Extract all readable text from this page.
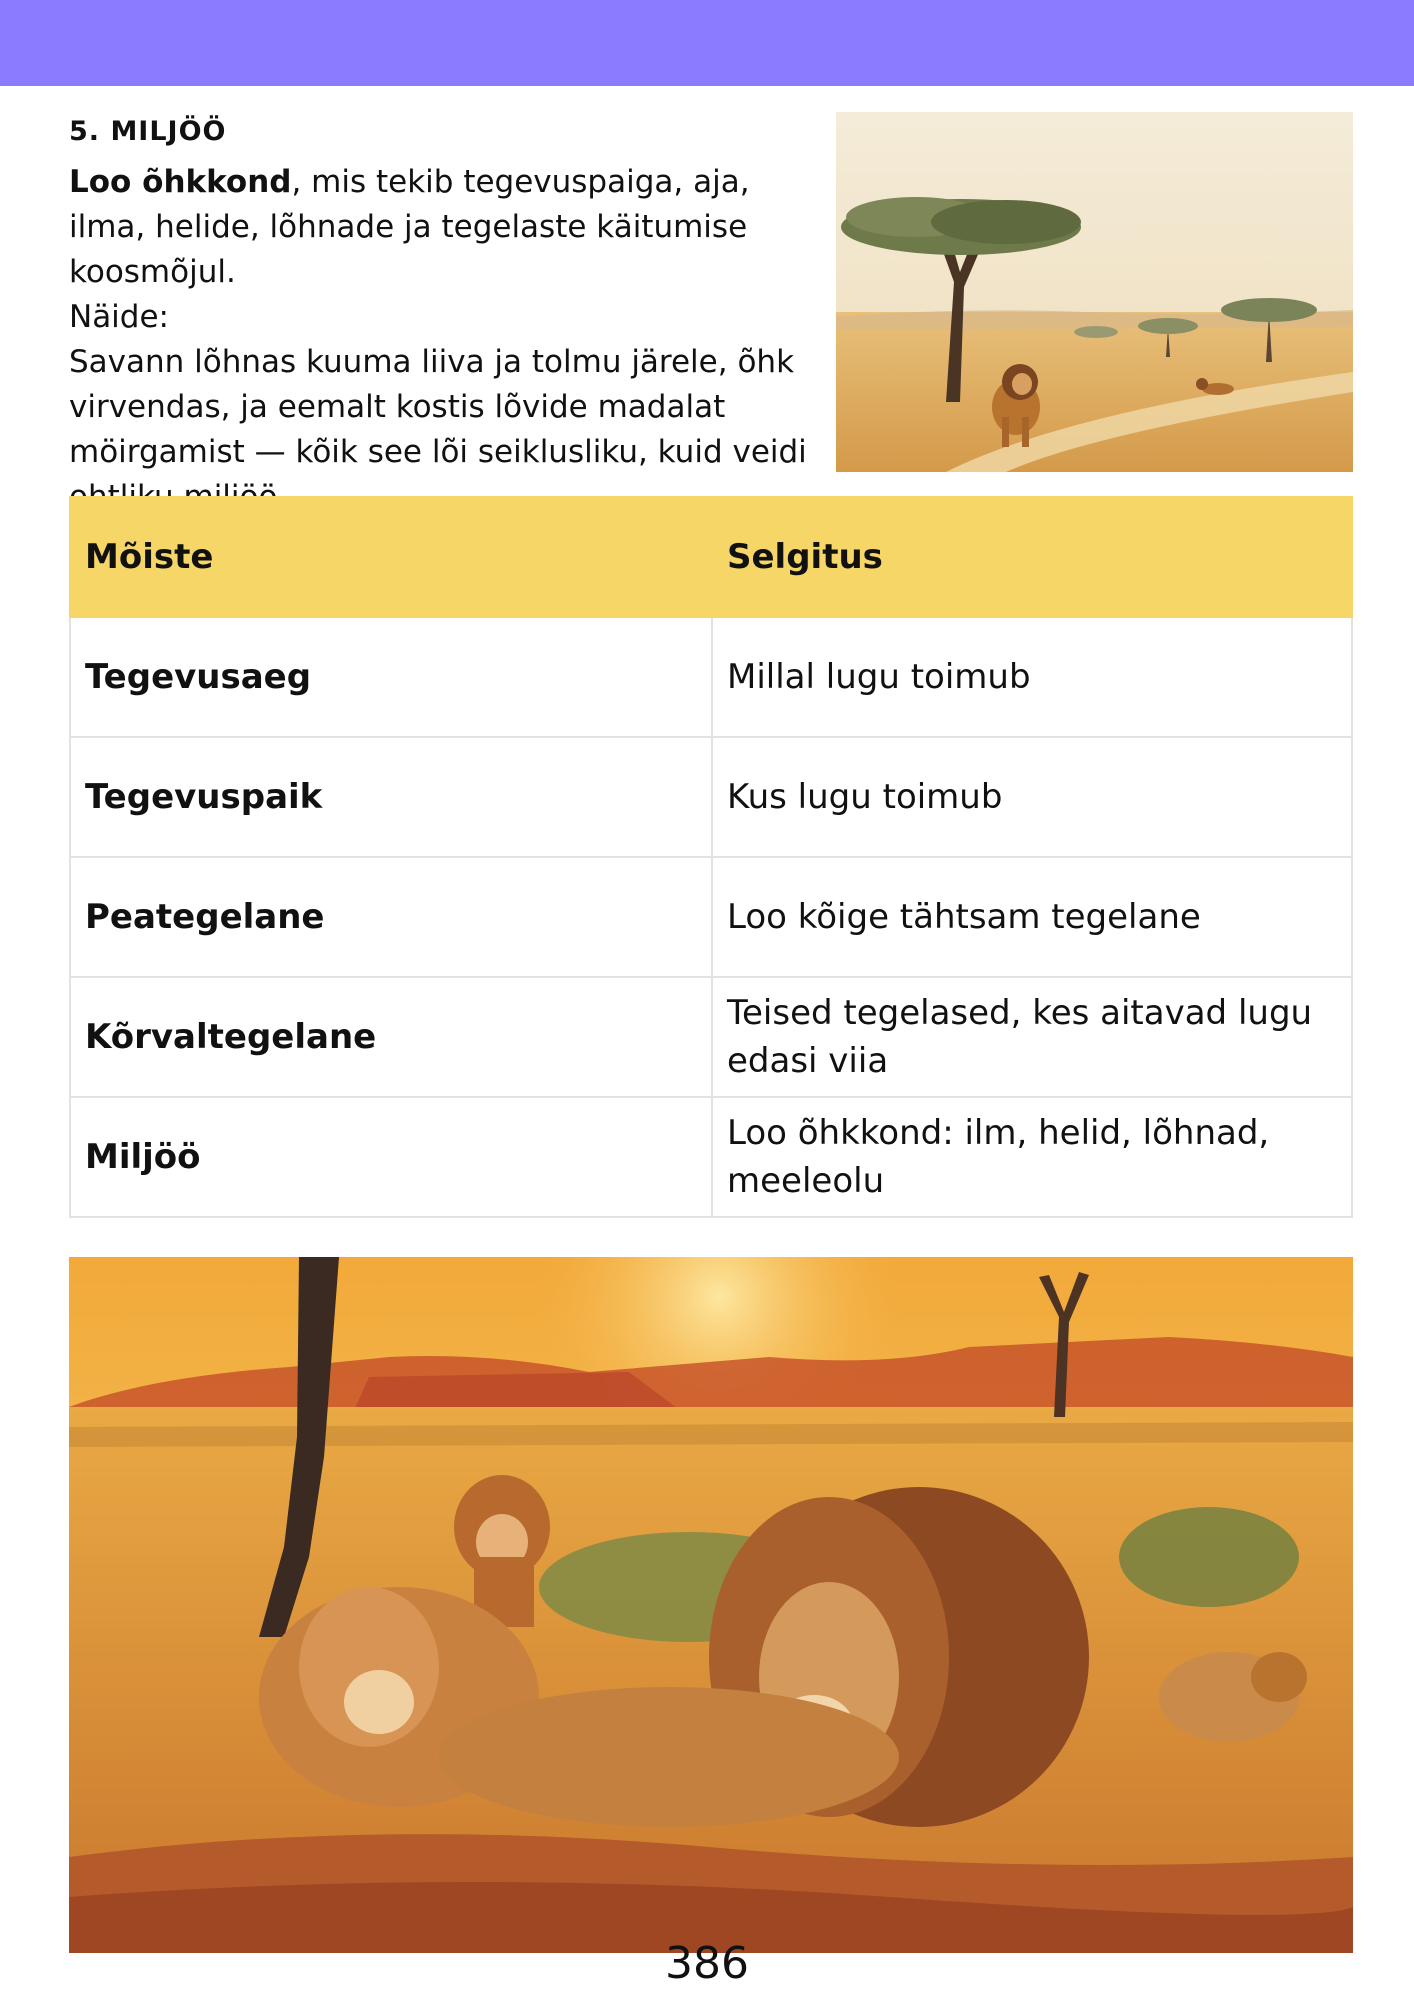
5. MILJÖÖ

Loo õhkkond, mis tekib tegevuspaiga, aja, ilma, helide, lõhnade ja tegelaste käitumise koosmõjul.

Näide:

Savann lõhnas kuuma liiva ja tolmu järele, õhk virvendas, ja eemalt kostis lõvide madalat möirgamist — kõik see lõi seiklusliku, kuid veidi

Mõiste	Selgitus
Tegevusaeg	Millal lugu toimub
Tegevuspaik	Kus lugu toimub
Peategelane	Loo kõige tähtsam tegelane
Kõrvaltegelane	Teised tegelased, kes aitavad lugu edasi viia
Miljöö	Loo õhkkond: ilm, helid, lõhnad, meeleolu
386
